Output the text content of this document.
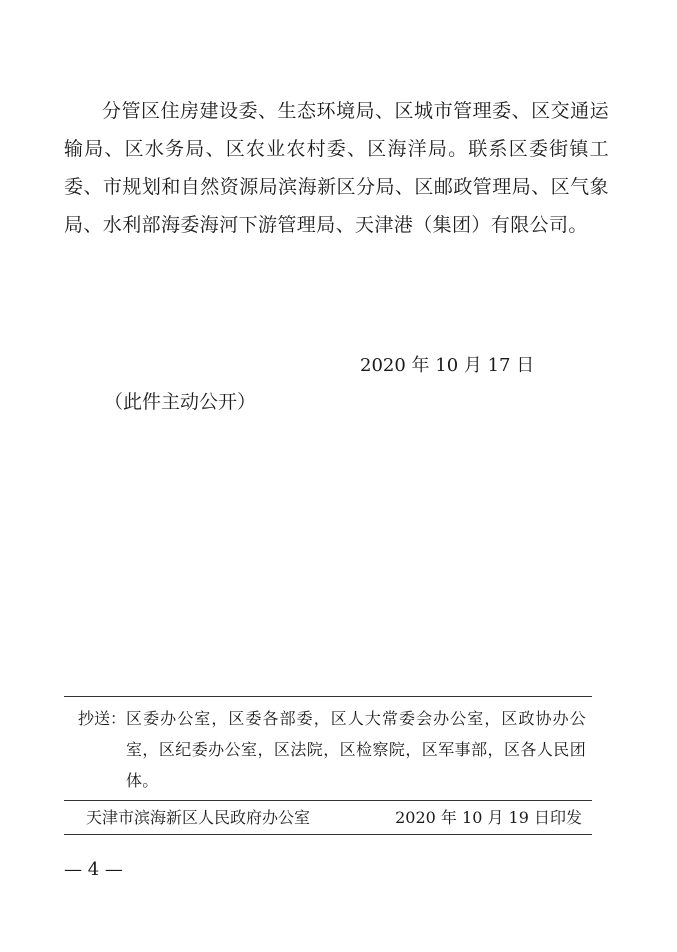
分管区住房建设委、生态环境局、区城市管理委、区交通运输局、区水务局、区农业农村委、区海洋局。联系区委街镇工委、市规划和自然资源局滨海新区分局、区邮政管理局、区气象局、水利部海委海河下游管理局、天津港（集团）有限公司。

2020 年 10 月 17 日
（此件主动公开）
抄送： 区委办公室，区委各部委，区人大常委会办公室，区政协办公室，区纪委办公室，区法院，区检察院，区军事部，区各人民团体。

天津市滨海新区人民政府办公室	2020 年 10 月 19 日印发
— 4 —
